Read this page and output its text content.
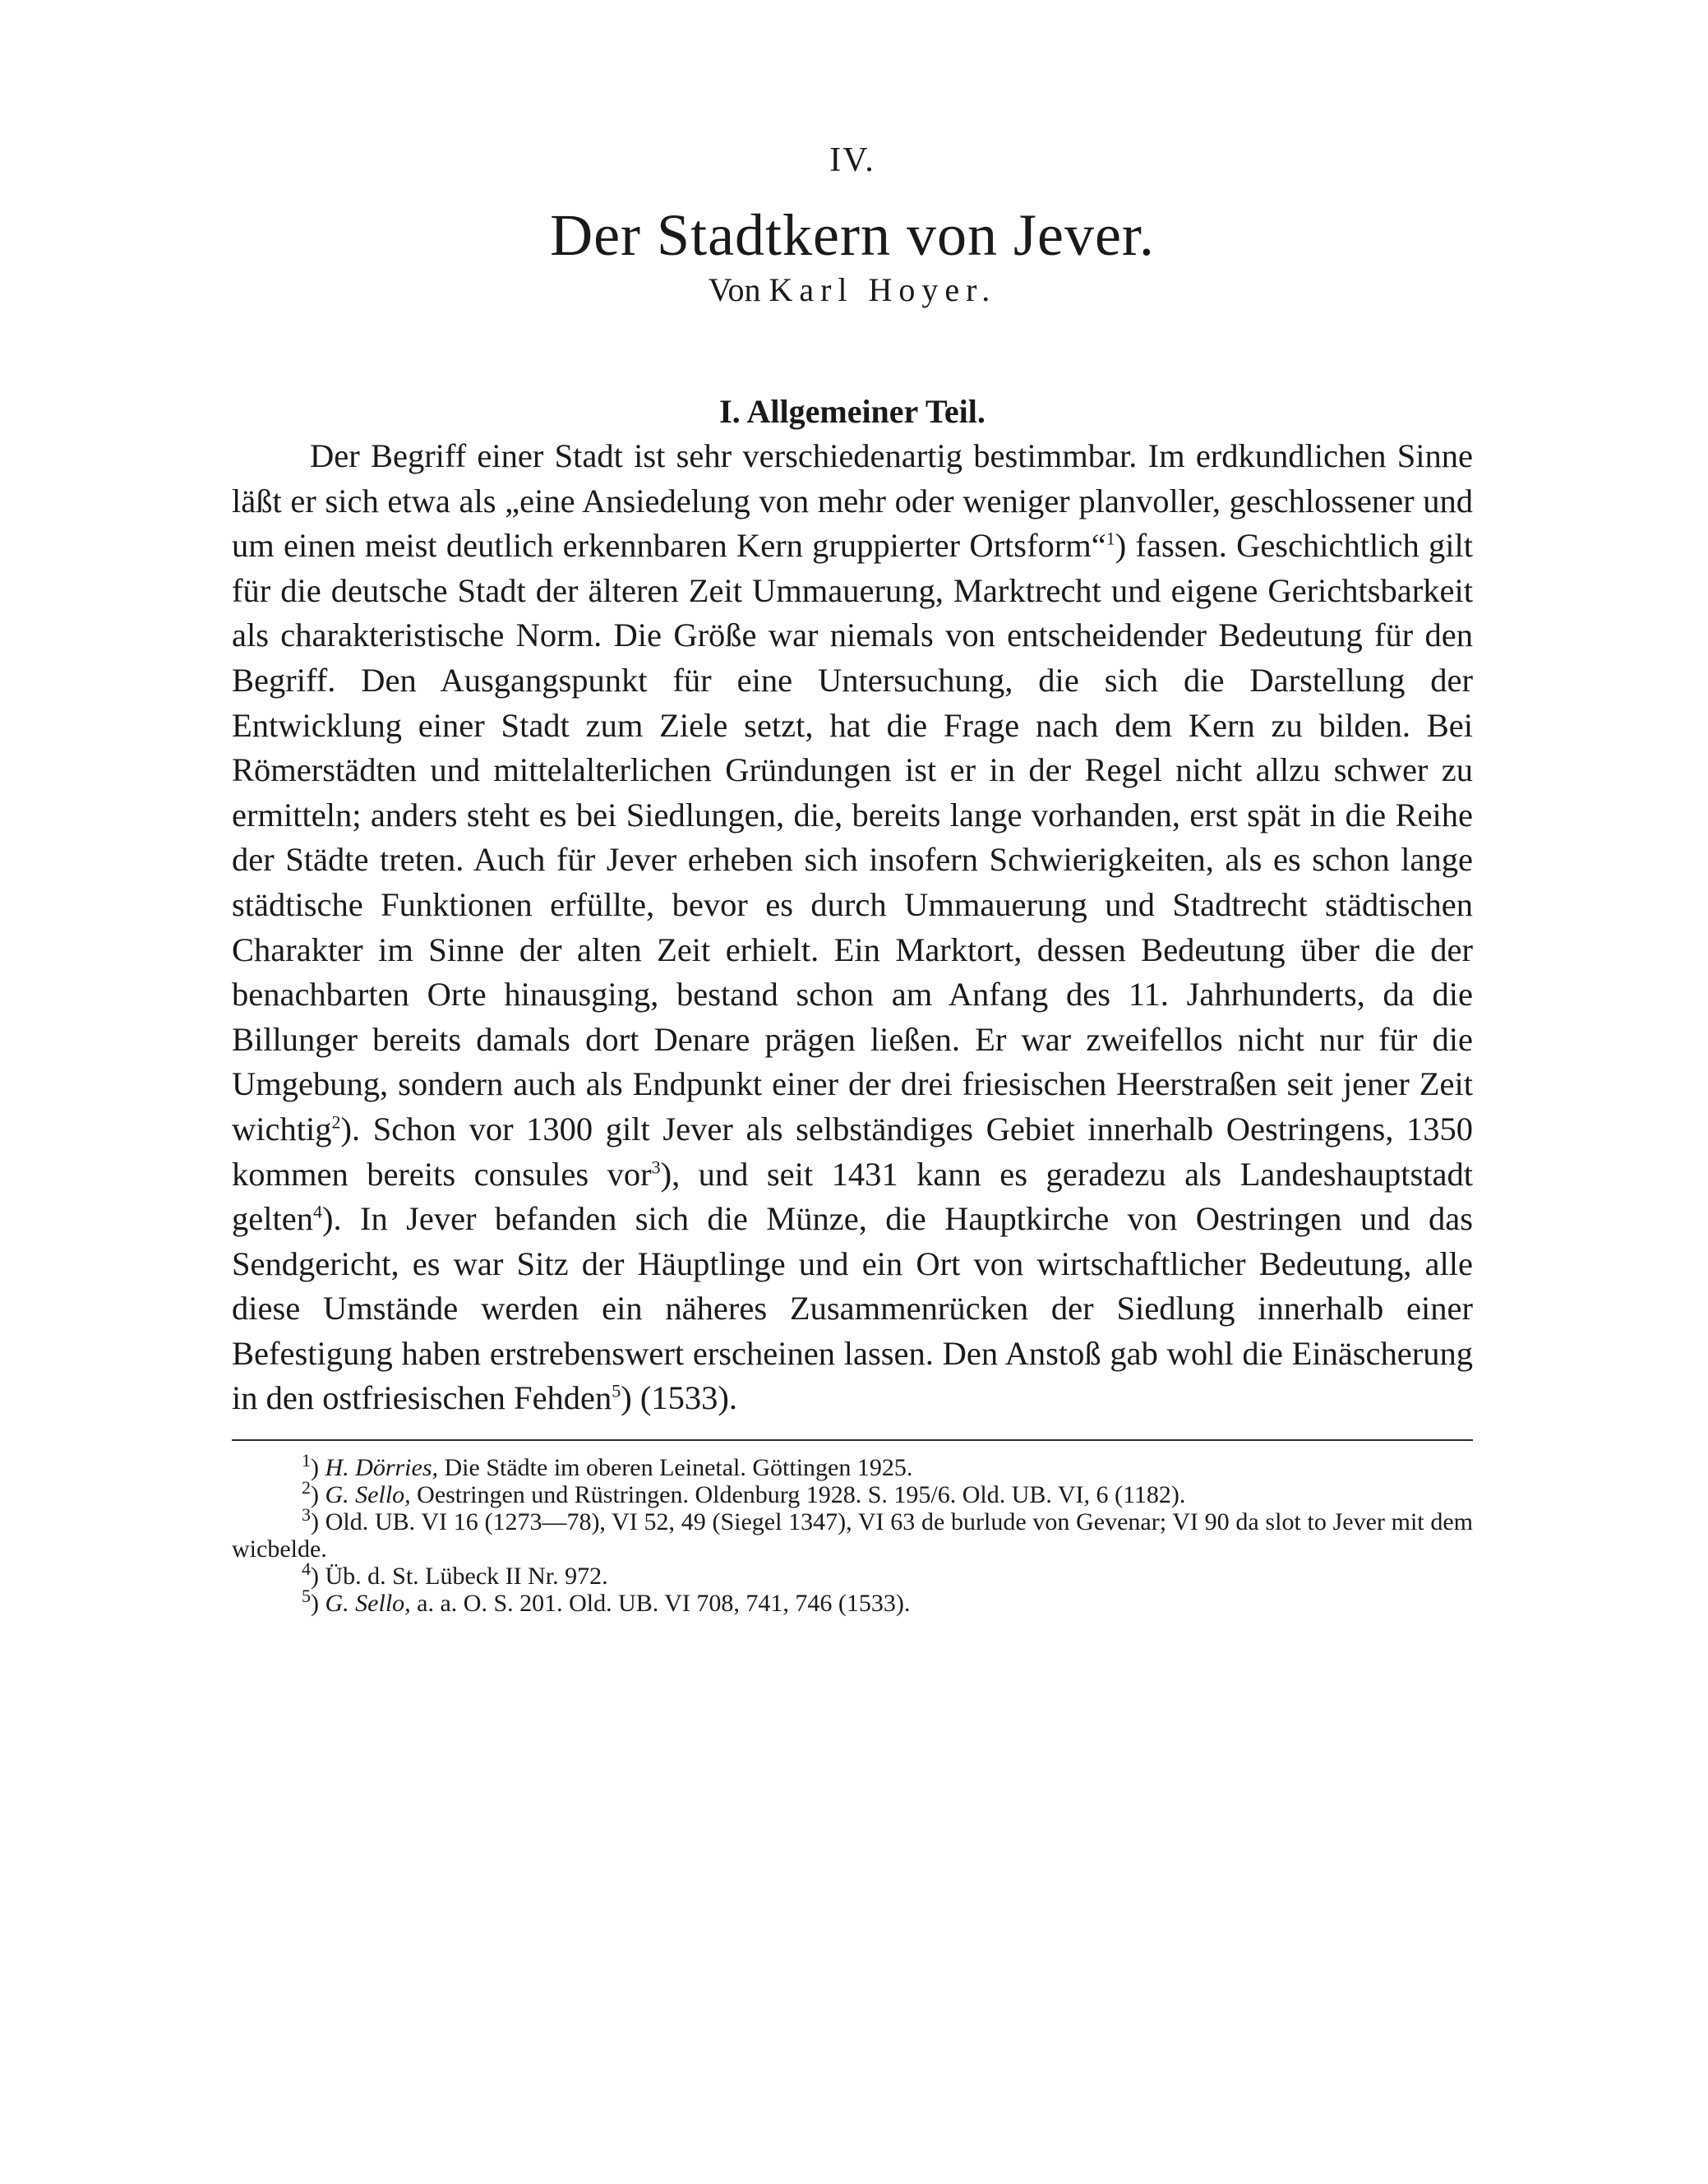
IV.

Der Stadtkern von Jever.

Von Karl Hoyer.

I. Allgemeiner Teil.

Der Begriff einer Stadt ist sehr verschiedenartig bestimmbar. Im erdkundlichen Sinne läßt er sich etwa als „eine Ansiedelung von mehr oder weniger planvoller, geschlossener und um einen meist deutlich erkennbaren Kern gruppierter Ortsform“$^1$) fassen. Geschichtlich gilt für die deutsche Stadt der älteren Zeit Ummauerung, Marktrecht und eigene Gerichtsbarkeit als charakteristische Norm. Die Größe war niemals von entscheidender Bedeutung für den Begriff. Den Ausgangspunkt für eine Untersuchung, die sich die Darstellung der Entwicklung einer Stadt zum Ziele setzt, hat die Frage nach dem Kern zu bilden. Bei Römerstädten und mittelalterlichen Gründungen ist er in der Regel nicht allzu schwer zu ermitteln; anders steht es bei Siedlungen, die, bereits lange vorhanden, erst spät in die Reihe der Städte treten. Auch für Jever erheben sich insofern Schwierigkeiten, als es schon lange städtische Funktionen erfüllte, bevor es durch Ummauerung und Stadtrecht städtischen Charakter im Sinne der alten Zeit erhielt. Ein Marktort, dessen Bedeutung über die der benachbarten Orte hinausging, bestand schon am Anfang des 11. Jahrhunderts, da die Billunger bereits damals dort Denare prägen ließen. Er war zweifellos nicht nur für die Umgebung, sondern auch als Endpunkt einer der drei friesischen Heerstraßen seit jener Zeit wichtig$^2$). Schon vor 1300 gilt Jever als selbständiges Gebiet innerhalb Oestringens, 1350 kommen bereits consules vor$^3$), und seit 1431 kann es geradezu als Landeshauptstadt gelten$^4$). In Jever befanden sich die Münze, die Hauptkirche von Oestringen und das Sendgericht, es war Sitz der Häuptlinge und ein Ort von wirtschaftlicher Bedeutung, alle diese Umstände werden ein näheres Zusammenrücken der Siedlung innerhalb einer Befestigung haben erstrebenswert erscheinen lassen. Den Anstoß gab wohl die Einäscherung in den ostfriesischen Fehden$^5$) (1533).

$^1$) H. Dörries, Die Städte im oberen Leinetal. Göttingen 1925.

$^2$) G. Sello, Oestringen und Rüstringen. Oldenburg 1928. S. 195/6. Old. UB. VI, 6 (1182).

$^3$) Old. UB. VI 16 (1273—78), VI 52, 49 (Siegel 1347), VI 63 de burlude von Gevenar; VI 90 da slot to Jever mit dem wicbelde.

$^4$) Üb. d. St. Lübeck II Nr. 972.

$^5$) G. Sello, a. a. O. S. 201. Old. UB. VI 708, 741, 746 (1533).
